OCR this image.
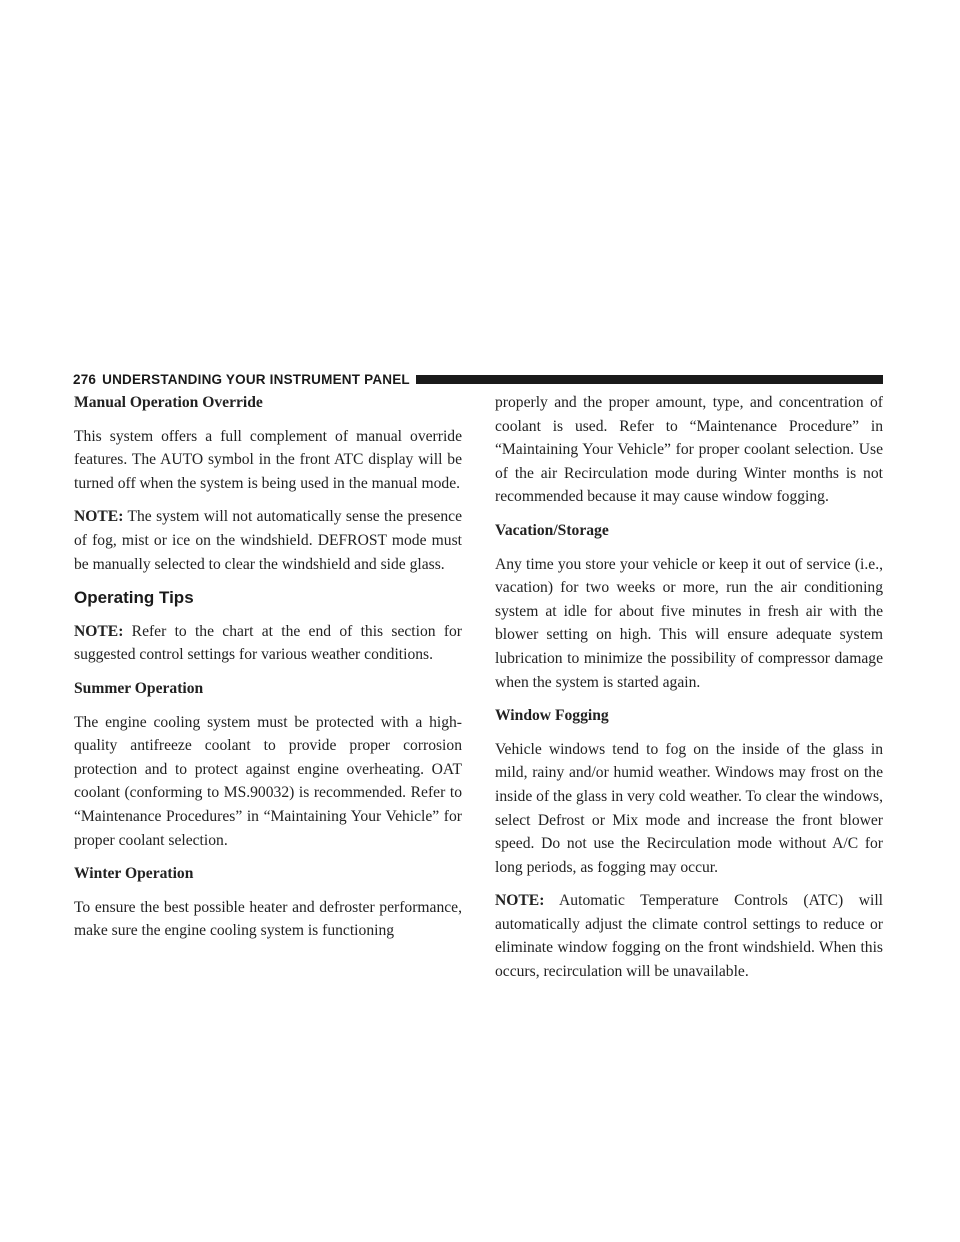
276 UNDERSTANDING YOUR INSTRUMENT PANEL
Manual Operation Override

This system offers a full complement of manual override features. The AUTO symbol in the front ATC display will be turned off when the system is being used in the manual mode.

NOTE: The system will not automatically sense the presence of fog, mist or ice on the windshield. DEFROST mode must be manually selected to clear the windshield and side glass.

Operating Tips

NOTE: Refer to the chart at the end of this section for suggested control settings for various weather conditions.

Summer Operation

The engine cooling system must be protected with a high-quality antifreeze coolant to provide proper corrosion protection and to protect against engine overheating. OAT coolant (conforming to MS.90032) is recommended. Refer to “Maintenance Procedures” in “Maintaining Your Vehicle” for proper coolant selection.

Winter Operation

To ensure the best possible heater and defroster performance, make sure the engine cooling system is functioning

properly and the proper amount, type, and concentration of coolant is used. Refer to “Maintenance Procedure” in “Maintaining Your Vehicle” for proper coolant selection. Use of the air Recirculation mode during Winter months is not recommended because it may cause window fogging.

Vacation/Storage

Any time you store your vehicle or keep it out of service (i.e., vacation) for two weeks or more, run the air conditioning system at idle for about five minutes in fresh air with the blower setting on high. This will ensure adequate system lubrication to minimize the possibility of compressor damage when the system is started again.

Window Fogging

Vehicle windows tend to fog on the inside of the glass in mild, rainy and/or humid weather. Windows may frost on the inside of the glass in very cold weather. To clear the windows, select Defrost or Mix mode and increase the front blower speed. Do not use the Recirculation mode without A/C for long periods, as fogging may occur.

NOTE: Automatic Temperature Controls (ATC) will automatically adjust the climate control settings to reduce or eliminate window fogging on the front windshield. When this occurs, recirculation will be unavailable.
